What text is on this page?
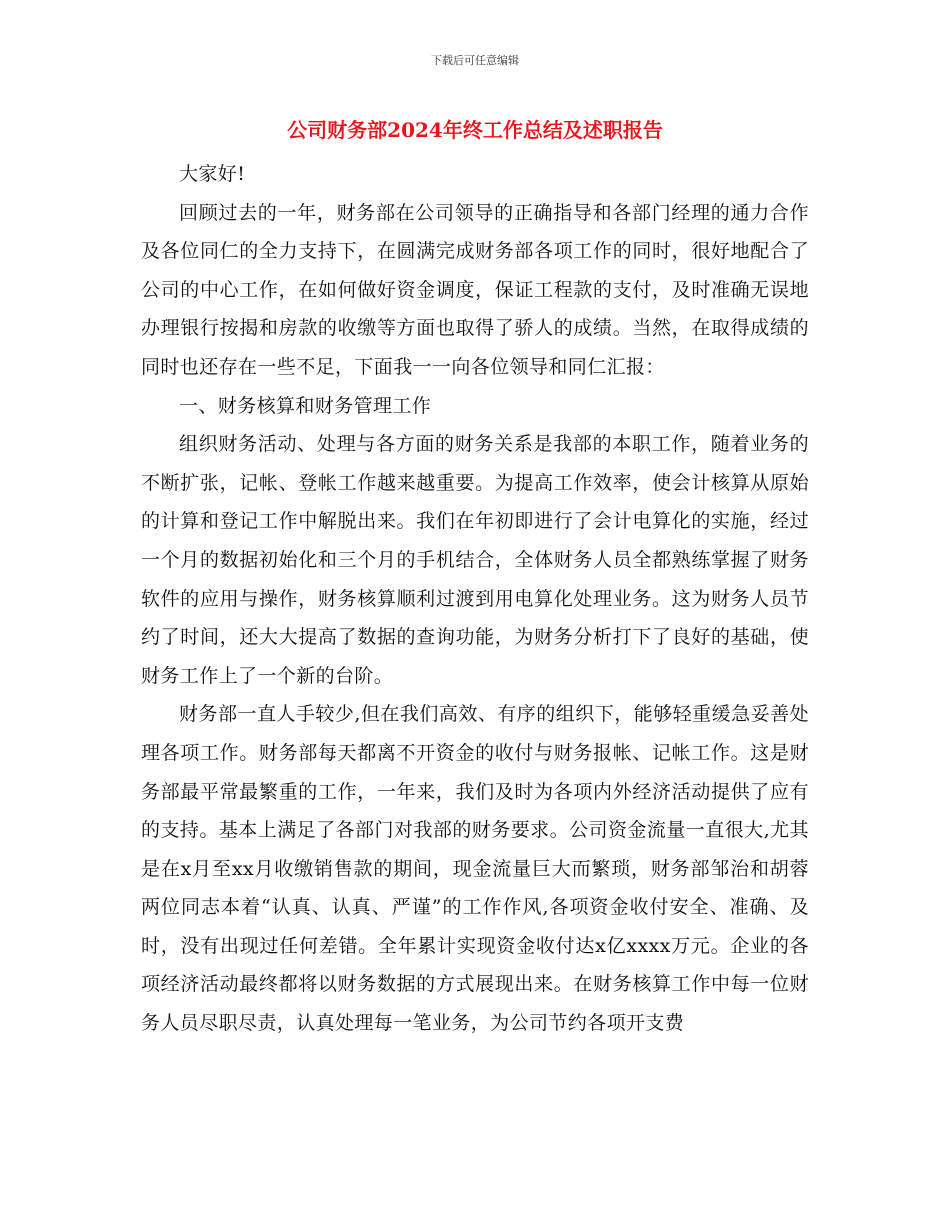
下载后可任意编辑
公司财务部2024年终工作总结及述职报告

大家好!

回顾过去的一年，财务部在公司领导的正确指导和各部门经理的通力合作及各位同仁的全力支持下，在圆满完成财务部各项工作的同时，很好地配合了公司的中心工作，在如何做好资金调度，保证工程款的支付，及时准确无误地办理银行按揭和房款的收缴等方面也取得了骄人的成绩。当然，在取得成绩的同时也还存在一些不足，下面我一一向各位领导和同仁汇报：

一、财务核算和财务管理工作

组织财务活动、处理与各方面的财务关系是我部的本职工作，随着业务的不断扩张，记帐、登帐工作越来越重要。为提高工作效率，使会计核算从原始的计算和登记工作中解脱出来。我们在年初即进行了会计电算化的实施，经过一个月的数据初始化和三个月的手机结合，全体财务人员全都熟练掌握了财务软件的应用与操作，财务核算顺利过渡到用电算化处理业务。这为财务人员节约了时间，还大大提高了数据的查询功能，为财务分析打下了良好的基础，使财务工作上了一个新的台阶。

财务部一直人手较少,但在我们高效、有序的组织下，能够轻重缓急妥善处理各项工作。财务部每天都离不开资金的收付与财务报帐、记帐工作。这是财务部最平常最繁重的工作，一年来，我们及时为各项内外经济活动提供了应有的支持。基本上满足了各部门对我部的财务要求。公司资金流量一直很大,尤其是在x月至xx月收缴销售款的期间，现金流量巨大而繁琐，财务部邹治和胡蓉两位同志本着“认真、认真、严谨”的工作作风,各项资金收付安全、准确、及时，没有出现过任何差错。全年累计实现资金收付达x亿xxxx万元。企业的各项经济活动最终都将以财务数据的方式展现出来。在财务核算工作中每一位财务人员尽职尽责，认真处理每一笔业务，为公司节约各项开支费
